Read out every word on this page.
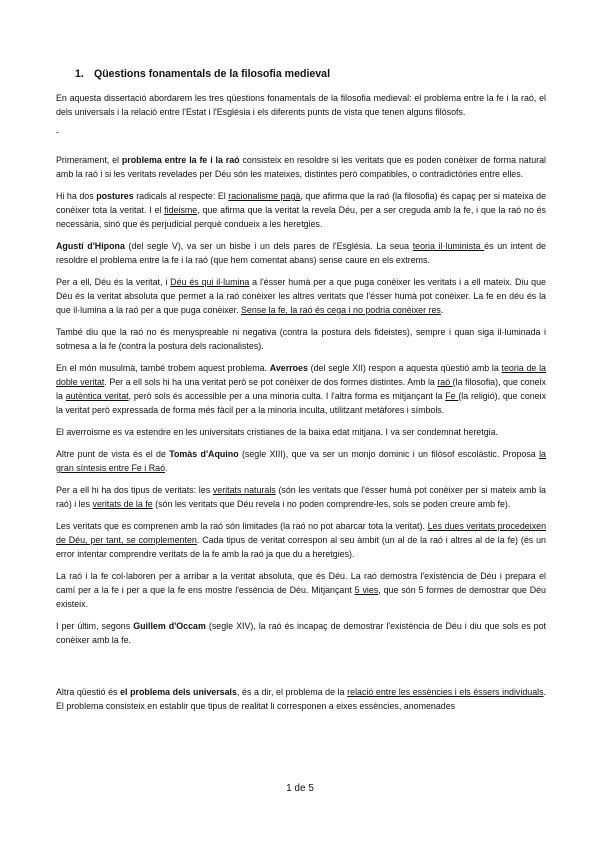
1. Qüestions fonamentals de la filosofia medieval

En aquesta dissertació abordarem les tres qüestions fonamentals de la filosofia medieval: el problema entre la fe i la raó, el dels universals i la relació entre l'Estat i l'Església i els diferents punts de vista que tenen alguns filòsofs.

-

Primerament, el problema entre la fe i la raó consisteix en resoldre si les veritats que es poden conèixer de forma natural amb la raó i si les veritats revelades per Déu són les mateixes, distintes però compatibles, o contradictòries entre elles.

Hi ha dos postures radicals al respecte: El racionalisme pagà, que afirma que la raó (la filosofia) és capaç per si mateixa de conèixer tota la veritat. I el fideisme, que afirma que la veritat la revela Déu, per a ser creguda amb la fe, i que la raó no és necessària, sinó que és perjudicial perquè condueix a les heretgies.

Agustí d'Hipona (del segle V), va ser un bisbe i un dels pares de l'Església. La seua teoria il·luminista és un intent de resoldre el problema entre la fe i la raó (que hem comentat abans) sense caure en els extrems.

Per a ell, Déu és la veritat, i Déu és qui il·lumina a l'ésser humà per a que puga conèixer les veritats i a ell mateix. Diu que Déu és la veritat absoluta que permet a la raó conèixer les altres veritats que l'ésser humà pot conèixer. La fe en déu és la que il·lumina a la raó per a que puga conèixer. Sense la fe, la raó és cega i no podria conèixer res.

També diu que la raó no és menyspreable ni negativa (contra la postura dels fideistes), sempre i quan siga il·luminada i sotmesa a la fe (contra la postura dels racionalistes).

En el món musulmà, també trobem aquest problema. Averroes (del segle XII) respon a aquesta qüestió amb la teoria de la doble veritat. Per a ell sols hi ha una veritat però se pot conèixer de dos formes distintes. Amb la raó (la filosofia), que coneix la autèntica veritat, però sols és accessible per a una minoria culta. I l'altra forma es mitjançant la Fe (la religió), que coneix la veritat però expressada de forma més fàcil per a la minoria inculta, utilitzant metàfores i símbols.

El averroisme es va estendre en les universitats cristianes de la baixa edat mitjana. I va ser condemnat heretgia.

Altre punt de vista és el de Tomàs d'Aquino (segle XIII), que va ser un monjo dominic i un filòsof escolàstic. Proposa la gran síntesis entre Fe i Raó.

Per a ell hi ha dos tipus de veritats: les veritats naturals (són les veritats que l'ésser humà pot conèixer per si mateix amb la raó) i les veritats de la fe (són les veritats que Déu revela i no poden comprendre-les, sols se poden creure amb fe).

Les veritats que es comprenen amb la raó són limitades (la raó no pot abarcar tota la veritat). Les dues veritats procedeixen de Déu, per tant, se complementen. Cada tipus de veritat correspon al seu àmbit (un al de la raó i altres al de la fe) (és un error intentar comprendre veritats de la fe amb la raó ja que du a heretgies).

La raó i la fe col·laboren per a arribar a la veritat absoluta, que és Déu. La raó demostra l'existència de Déu i prepara el camí per a la fe i per a que la fe ens mostre l'essència de Déu. Mitjançant 5 vies, que són 5 formes de demostrar que Déu existeix.

I per últim, segons Guillem d'Occam (segle XIV), la raó és incapaç de demostrar l'existència de Déu i diu que sols es pot conèixer amb la fe.

Altra qüestió és el problema dels universals, és a dir, el problema de la relació entre les essències i els éssers individuals. El problema consisteix en establir que tipus de realitat li corresponen a eixes essències, anomenades

1 de 5
